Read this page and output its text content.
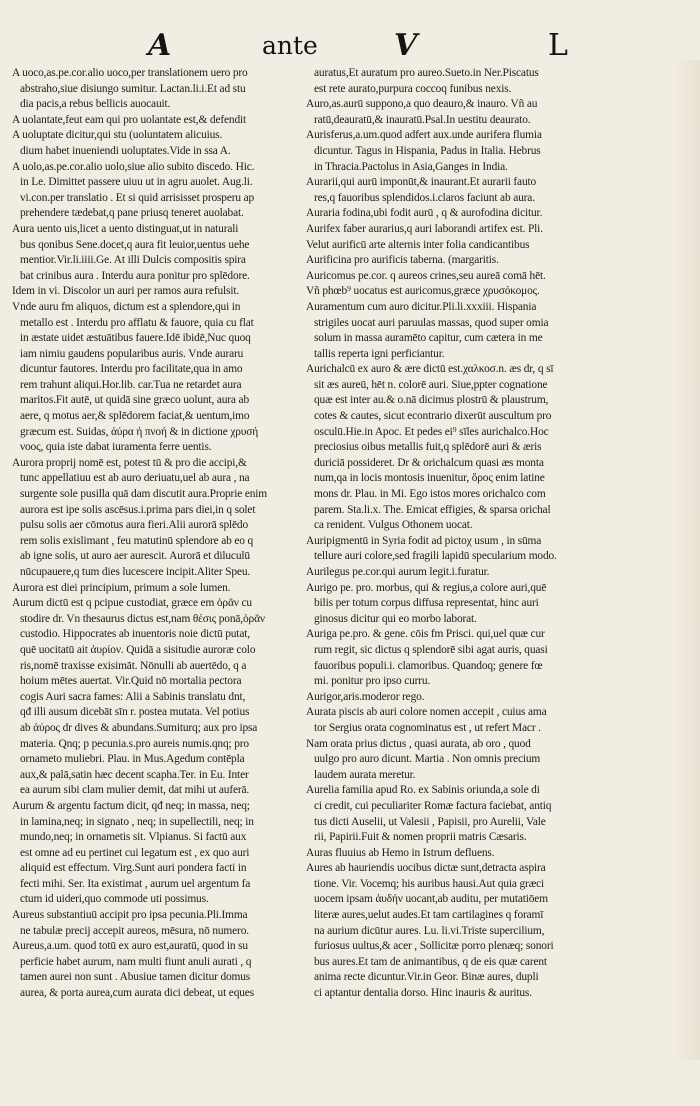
A	ante	V	L
A uoco,as.pe.cor.alio uoco,per translationem uero pro
abstraho,siue disiungo sumitur. Lactan.li.i.Et ad stu
dia pacis,a rebus bellicis auocauit.
A uolantate,feut eam qui pro uolantate est,& defendit
A uoluptate dicitur,qui stu (uoluntatem alicuius.
dium habet inueniendi uoluptates.Vide in ssa A.
A uolo,as.pe.cor.alio uolo,siue alio subito discedo. Hic.
in Le. Dimittet passere uiuu ut in agru auolet. Aug.li.
vi.con.per translatio . Et si quid arrisisset prosperu ap
prehendere tædebat,q pane priusq teneret auolabat.
Aura uento uis,licet a uento distinguat,ut in naturali
bus qonibus Sene.docet,q aura fit leuior,uentus uehe
mentior.Vir.li.iiii.Ge. At illi Dulcis compositis spira
bat crinibus aura . Interdu aura ponitur pro splēdore.
Idem in vi. Discolor un auri per ramos aura refulsit.
Vnde auru fm aliquos, dictum est a splendore,qui in
metallo est . Interdu pro afflatu & fauore, quia cu flat
in æstate uidet æstuātibus fauere.Idē ibidē,Nuc quoq
iam nimiu gaudens popularibus auris. Vnde auraru
dicuntur fautores. Interdu pro facilitate,qua in amo
rem trahunt aliqui.Hor.lib. car.Tua ne retardet aura
maritos.Fit autē, ut quidā sine græco uolunt, aura ab
aere, q motus aer,& splēdorem faciat,& uentum,imo
græcum est. Suidas, ἀύρα ἡ πνοή & in dictione χρυσή
νοος, quia iste dabat iuramenta ferre uentis.
Aurora proprij nomē est, potest tū & pro die accipi,&
tunc appellatiuu est ab auro deriuatu,uel ab aura , na
surgente sole pusilla quā dam discutit aura.Proprie enim
aurora est ipe solis ascēsus.i.prima pars diei,in q solet
pulsu solis aer cōmotus aura fieri.Alii aurorā splēdo
rem solis exislimant , feu matutinū splendore ab eo q
ab igne solis, ut auro aer aurescit. Aurorā et diluculū
nūcupauere,q tum dies lucescere incipit.Aliter Speu.
Aurora est diei principium, primum a sole lumen.
Aurum dictū est q pcipue custodiat, græce em ὁρᾶν cu
stodire dr. Vn thesaurus dictus est,nam θέσις ponā,ὁρᾶν
custodio. Hippocrates ab inuentoris noie dictū putat,
quē uocitatū ait ἀυρίον. Quidā a sisitudie auroræ colo
ris,nomē traxisse exisimāt. Nōnulli ab auertēdo, q a
hoium mētes auertat. Vir.Quid nō mortalia pectora
cogis Auri sacra fames: Alii a Sabinis translatu dnt,
qđ illi ausum dicebāt sīn r. postea mutata. Vel potius
ab ἀύρος dr dives & abundans.Sumiturq; aux pro ipsa
materia. Qnq; p pecunia.s.pro aureis numis.qnq; pro
ornameto muliebri. Plau. in Mus.Agedum contēpla
aux,& palā,satin hæc decent scapha.Ter. in Eu. Inter
ea aurum sibi clam mulier demit, dat mihi ut auferā.
Aurum & argentu factum dicit, qđ neq; in massa, neq;
in lamina,neq; in signato , neq; in supellectili, neq; in
mundo,neq; in ornametis sit. Vlpianus. Si factū aux
est omne ad eu pertinet cui legatum est , ex quo auri
aliquid est effectum. Virg.Sunt auri pondera facti in
fecti mihi. Ser. Ita existimat , aurum uel argentum fa
ctum id uideri,quo commode uti possimus.
Aureus substantiuū accipit pro ipsa pecunia.Pli.Imma
ne tabulæ precij accepit aureos, mēsura, nō numero.
Aureus,a.um. quod totū ex auro est,auratū, quod in su
perficie habet aurum, nam multi fiunt anuli aurati , q
tamen aurei non sunt . Abusiue tamen dicitur domus
aurea, & porta aurea,cum aurata dici debeat, ut eques
auratus,Et auratum pro aureo.Sueto.in Ner.Piscatus
est rete aurato,purpura coccoq funibus nexis.
Auro,as.aurū suppono,a quo deauro,& inauro. Vñ au
ratū,deauratū,& inauratū.Psal.In uestitu deaurato.
Aurisferus,a.um.quod adfert aux.unde aurifera flumia
dicuntur. Tagus in Hispania, Padus in Italia. Hebrus
in Thracia.Pactolus in Asia,Ganges in India.
Aurarii,qui aurū imponūt,& inaurant.Et aurarii fauto
res,q fauoribus splendidos.i.claros faciunt ab aura.
Auraria fodina,ubi fodit aurū , q & aurofodina dicitur.
Aurifex faber aurarius,q auri laborandi artifex est. Pli.
Velut aurificū arte alternis inter folia candicantibus
Aurificina pro aurificis taberna. (margaritis.
Auricomus pe.cor. q aureos crines,seu aureā comā hēt.
Vñ phœb⁹ uocatus est auricomus,græce χρυσόκομος.
Auramentum cum auro dicitur.Pli.li.xxxiii. Hispania
strigiles uocat auri paruulas massas, quod super omia
solum in massa auramēto capitur, cum cætera in me
tallis reperta igni perficiantur.
Aurichalcū ex auro & ære dictū est.χαλκοσ.n. æs dr, q sī
sit æs aureū, hēt n. colorē auri. Siue,ppter cognatione
quæ est inter au.& o.nā dicimus plostrū & plaustrum,
cotes & cautes, sicut econtrario dixerūt auscultum pro
osculū.Hie.in Apoc. Et pedes ei⁹ sīles aurichalco.Hoc
preciosius oibus metallis fuit,q splēdorē auri & æris
duriciā possideret. Dr & orichalcum quasi æs monta
num,qa in locis montosis inuenitur, ὄρος enim latine
mons dr. Plau. in Mi. Ego istos mores orichalco com
parem. Sta.li.x. The. Emicat effigies, & sparsa orichal
ca renident. Vulgus Othonem uocat.
Auripigmentū in Syria fodit ad pictoχ usum , in sūma
tellure auri colore,sed fragili lapidū specularium modo.
Aurilegus pe.cor.qui aurum legit.i.furatur.
Aurigo pe. pro. morbus, qui & regius,a colore auri,quē
bilis per totum corpus diffusa representat, hinc auri
ginosus dicitur qui eo morbo laborat.
Auriga pe.pro. & gene. cōis fm Prisci. qui,uel quæ cur
rum regit, sic dictus q splendorē sibi agat auris, quasi
fauoribus populi.i. clamoribus. Quandoq; genere fœ
mi. ponitur pro ipso curru.
Aurigor,aris.moderor rego.
Aurata piscis ab auri colore nomen accepit , cuius ama
tor Sergius orata cognominatus est , ut refert Macr .
Nam orata prius dictus , quasi aurata, ab oro , quod
uulgo pro auro dicunt. Martia . Non omnis precium
laudem aurata meretur.
Aurelia familia apud Ro. ex Sabinis oriunda,a sole di
ci credit, cui peculiariter Romæ factura faciebat, antiq
tus dicti Auselii, ut Valesii , Papisii, pro Aurelii, Vale
rii, Papirii.Fuit & nomen proprii matris Cæsaris.
Auras fluuius ab Hemo in Istrum defluens.
Aures ab hauriendis uocibus dictæ sunt,detracta aspira
tione. Vir. Vocemq; his auribus hausi.Aut quia græci
uocem ipsam ἀυδήν uocant,ab auditu, per mutatiōem
literæ aures,uelut audes.Et tam cartilagines q foramī
na aurium dicūtur aures. Lu. li.vi.Triste supercilium,
furiosus uultus,& acer , Sollicitæ porro plenæq; sonori
bus aures.Et tam de animantibus, q de eis quæ carent
anima recte dicuntur.Vir.in Geor. Binæ aures, dupli
ci aptantur dentalia dorso. Hinc inauris & auritus.
